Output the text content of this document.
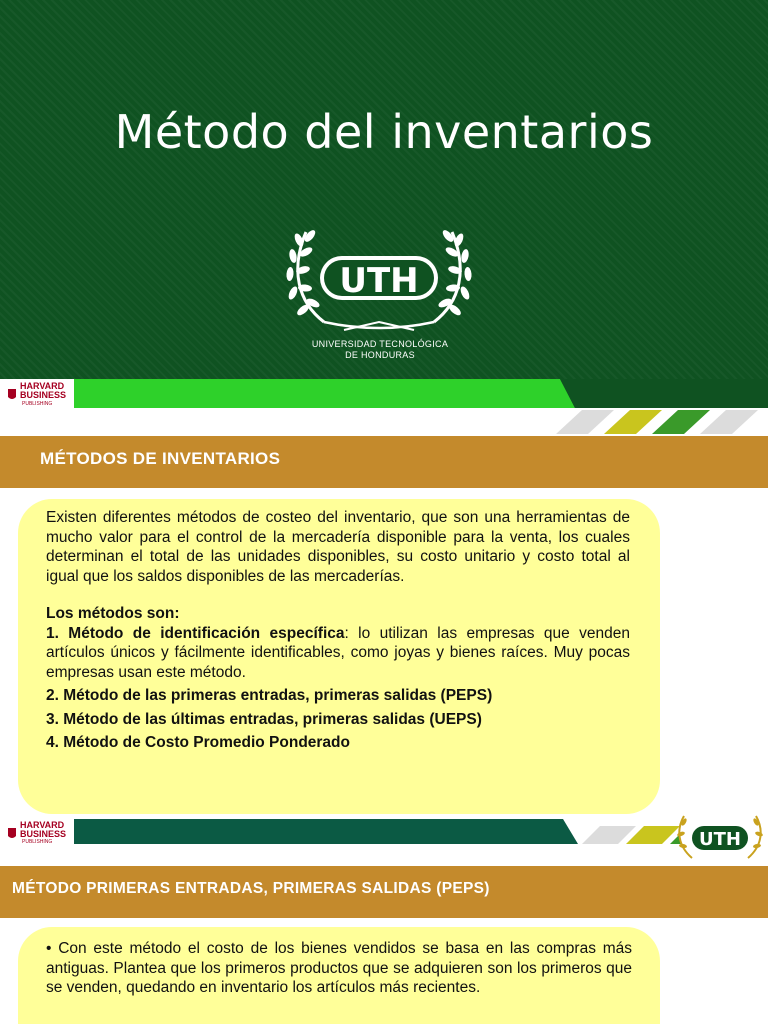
Método del inventarios
UTH
UNIVERSIDAD TECNOLÓGICA
DE HONDURAS
HARVARD
BUSINESS
PUBLISHING
MÉTODOS DE INVENTARIOS

Existen diferentes métodos de costeo del inventario, que son una herramientas de mucho valor para el control de la mercadería disponible para la venta, los cuales determinan el total de las unidades disponibles, su costo unitario y costo total al igual que los saldos disponibles de las mercaderías.

Los métodos son:

1. Método de identificación específica: lo utilizan las empresas que venden artículos únicos y fácilmente identificables, como joyas y bienes raíces. Muy pocas empresas usan este método.

2. Método de las primeras entradas, primeras salidas (PEPS)

3. Método de las últimas entradas, primeras salidas (UEPS)

4. Método de Costo Promedio Ponderado

HARVARD
BUSINESS
PUBLISHING	UTH
MÉTODO PRIMERAS ENTRADAS, PRIMERAS SALIDAS (PEPS)

• Con este método el costo de los bienes vendidos se basa en las compras más antiguas. Plantea que los primeros productos que se adquieren son los primeros que se venden, quedando en inventario los artículos más recientes.
